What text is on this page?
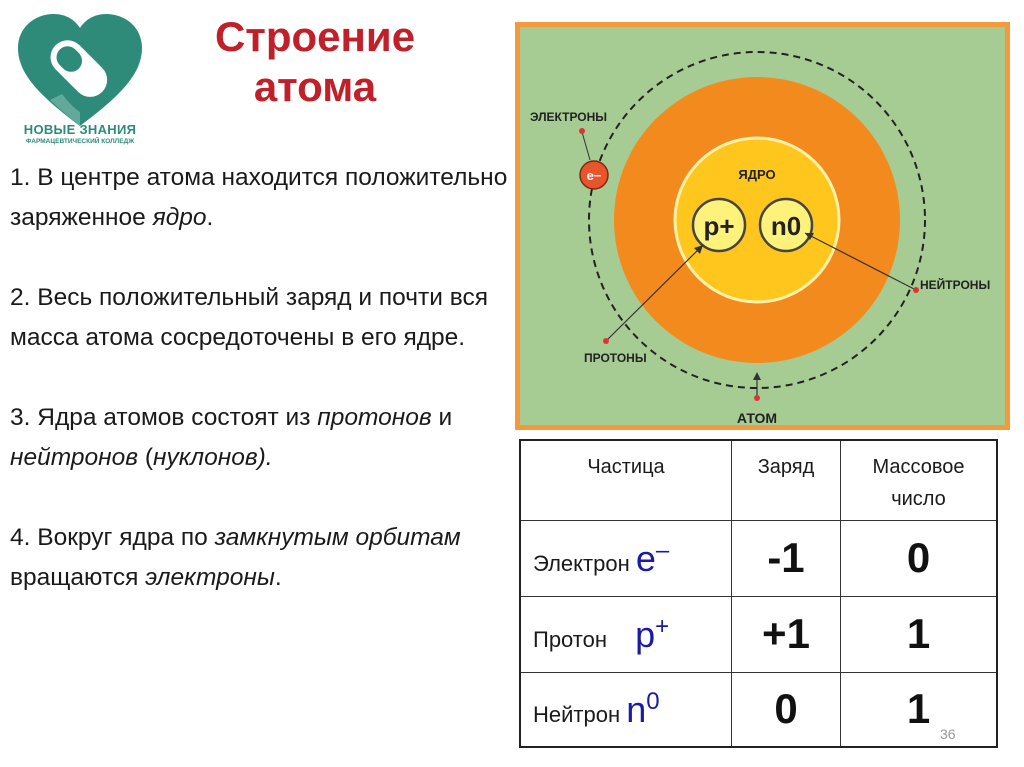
НОВЫЕ ЗНАНИЯ
ФАРМАЦЕВТИЧЕСКИЙ КОЛЛЕДЖ
Строение
атома

1. В центре атома находится положительно заряженное ядро.

2. Весь положительный заряд и почти вся масса атома сосредоточены в его ядре.

3. Ядра атомов состоят из протонов и нейтронов (нуклонов).

4. Вокруг ядра по замкнутым орбитам вращаются электроны.

ЭЛЕКТРОНЫ
ЯДРО
НЕЙТРОНЫ
ПРОТОНЫ
АТОМ
p+ n0
e−
Частица	Заряд	Массовое
число
Электрон e–	-1	0
Протон p+	+1	1
Нейтрон $n^0$	0	1
36
